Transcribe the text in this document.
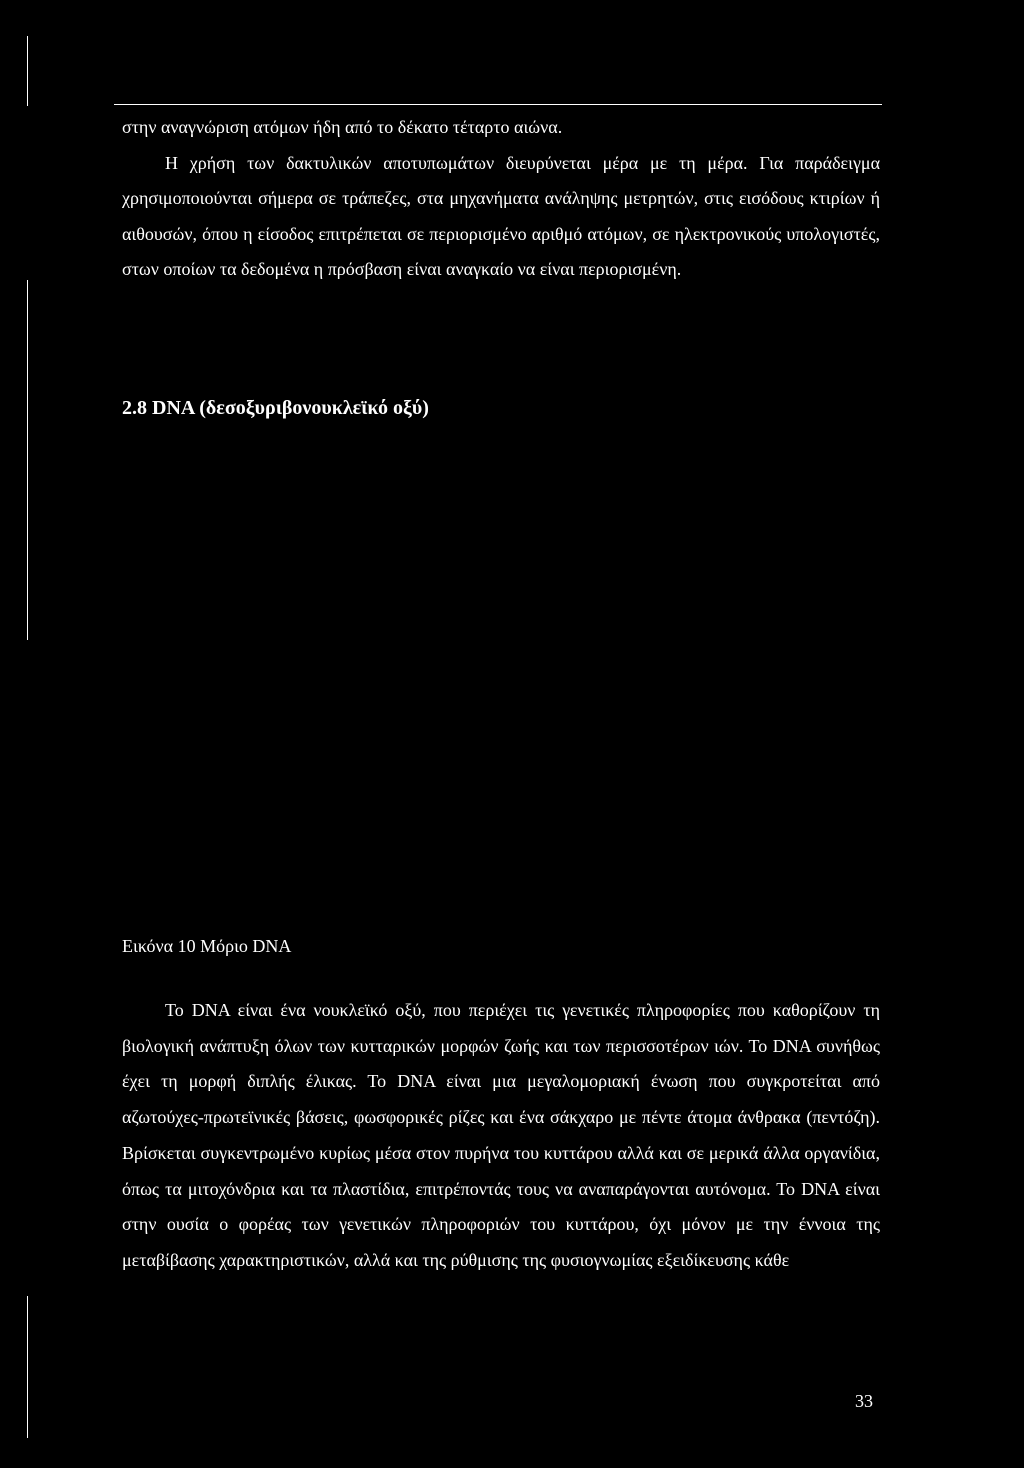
στην αναγνώριση ατόμων ήδη από το δέκατο τέταρτο αιώνα.

Η χρήση των δακτυλικών αποτυπωμάτων διευρύνεται μέρα με τη μέρα. Για παράδειγμα χρησιμοποιούνται σήμερα σε τράπεζες, στα μηχανήματα ανάληψης μετρητών, στις εισόδους κτιρίων ή αιθουσών, όπου η είσοδος επιτρέπεται σε περιορισμένο αριθμό ατόμων, σε ηλεκτρονικούς υπολογιστές, στων οποίων τα δεδομένα η πρόσβαση είναι αναγκαίο να είναι περιορισμένη.

2.8 DNA (δεσοξυριβονουκλεϊκό οξύ)

Εικόνα 10 Μόριο DNA

Το DNA είναι ένα νουκλεϊκό οξύ, που περιέχει τις γενετικές πληροφορίες που καθορίζουν τη βιολογική ανάπτυξη όλων των κυτταρικών μορφών ζωής και των περισσοτέρων ιών. Το DNA συνήθως έχει τη μορφή διπλής έλικας. Το DNA είναι μια μεγαλομοριακή ένωση που συγκροτείται από αζωτούχες-πρωτεϊνικές βάσεις, φωσφορικές ρίζες και ένα σάκχαρο με πέντε άτομα άνθρακα (πεντόζη). Βρίσκεται συγκεντρωμένο κυρίως μέσα στον πυρήνα του κυττάρου αλλά και σε μερικά άλλα οργανίδια, όπως τα μιτοχόνδρια και τα πλαστίδια, επιτρέποντάς τους να αναπαράγονται αυτόνομα. Το DNA είναι στην ουσία ο φορέας των γενετικών πληροφοριών του κυττάρου, όχι μόνον με την έννοια της μεταβίβασης χαρακτηριστικών, αλλά και της ρύθμισης της φυσιογνωμίας εξειδίκευσης κάθε

33
